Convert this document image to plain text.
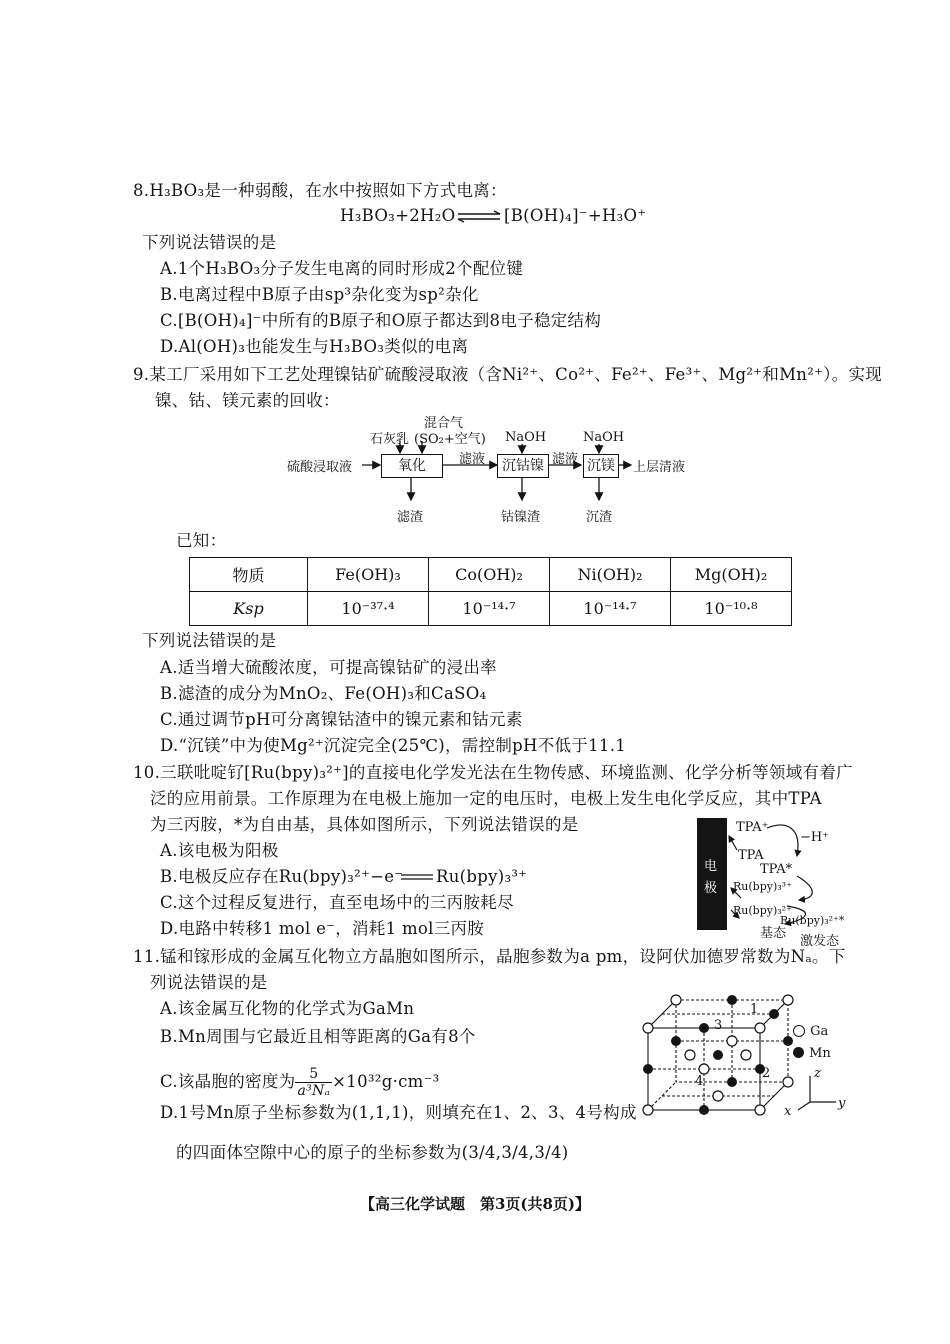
8.H₃BO₃是一种弱酸，在水中按照如下方式电离：
H₃BO₃+2H₂O ⇌ [B(OH)₄]⁻+H₃O⁺
下列说法错误的是
A.1个H₃BO₃分子发生电离的同时形成2个配位键
B.电离过程中B原子由sp³杂化变为sp²杂化
C.[B(OH)₄]⁻中所有的B原子和O原子都达到8电子稳定结构
D.Al(OH)₃也能发生与H₃BO₃类似的电离
9.某工厂采用如下工艺处理镍钴矿硫酸浸取液（含Ni²⁺、Co²⁺、Fe²⁺、Fe³⁺、Mg²⁺和Mn²⁺）。实现
镍、钴、镁元素的回收：
硫酸浸取液
石灰乳
混合气
(SO₂+空气)
氧化	滤液
NaOH
沉钴镍 滤液
NaOH
沉镁	上层清液
滤渣	钴镍渣	沉渣
已知：
物质	Fe(OH)₃	Co(OH)₂	Ni(OH)₂	Mg(OH)₂
Ksp	10⁻³⁷·⁴	10⁻¹⁴·⁷	10⁻¹⁴·⁷	10⁻¹⁰·⁸
下列说法错误的是
A.适当增大硫酸浓度，可提高镍钴矿的浸出率
B.滤渣的成分为MnO₂、Fe(OH)₃和CaSO₄
C.通过调节pH可分离镍钴渣中的镍元素和钴元素
D.“沉镁”中为使Mg²⁺沉淀完全(25℃)，需控制pH不低于11.1
10.三联吡啶钌[Ru(bpy)₃²⁺]的直接电化学发光法在生物传感、环境监测、化学分析等领域有着广
泛的应用前景。工作原理为在电极上施加一定的电压时，电极上发生电化学反应，其中TPA
为三丙胺，*为自由基，具体如图所示，下列说法错误的是
A.该电极为阳极
B.电极反应存在Ru(bpy)₃²⁺−e⁻ Ru(bpy)₃³⁺
C.这个过程反复进行，直至电场中的三丙胺耗尽
D.电路中转移1 mol e⁻，消耗1 mol三丙胺
电
极
TPA⁺
−H⁺
TPA
TPA*
Ru(bpy)₃³⁺
Ru(bpy)₃²⁺
Ru(bpy)₃²⁺*
基态
激发态
11.锰和镓形成的金属互化物立方晶胞如图所示，晶胞参数为a pm，设阿伏加德罗常数为Nₐ。下
列说法错误的是
A.该金属互化物的化学式为GaMn
B.Mn周围与它最近且相等距离的Ga有8个
C.该晶胞的密度为 $\frac{5}{\text{a³Nₐ}} \times 10^{32}g\cdot cm^{-3}$
D.1号Mn原子坐标参数为(1,1,1)，则填充在1、2、3、4号构成
的四面体空隙中心的原子的坐标参数为(3/4,3/4,3/4)
1
2
3
4
Ga
Mn
z
y
x
【高三化学试题　第3页(共8页)】
